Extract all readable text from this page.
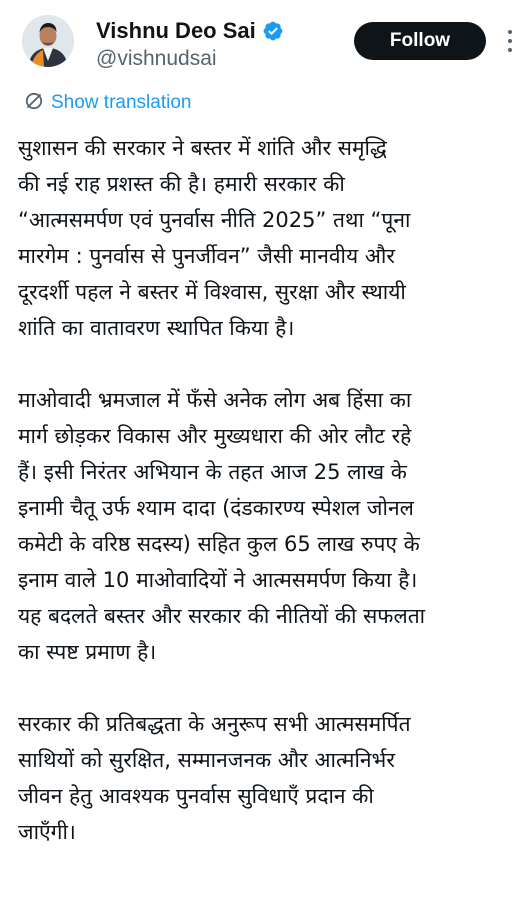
Vishnu Deo Sai
@vishnudsai
Follow
Show translation

सुशासन की सरकार ने बस्तर में शांति और समृद्धि
की नई राह प्रशस्त की है। हमारी सरकार की
“आत्मसमर्पण एवं पुनर्वास नीति 2025” तथा “पूना
मारगेम : पुनर्वास से पुनर्जीवन” जैसी मानवीय और
दूरदर्शी पहल ने बस्तर में विश्वास, सुरक्षा और स्थायी
शांति का वातावरण स्थापित किया है।

माओवादी भ्रमजाल में फँसे अनेक लोग अब हिंसा का
मार्ग छोड़कर विकास और मुख्यधारा की ओर लौट रहे
हैं। इसी निरंतर अभियान के तहत आज 25 लाख के
इनामी चैतू उर्फ श्याम दादा (दंडकारण्य स्पेशल जोनल
कमेटी के वरिष्ठ सदस्य) सहित कुल 65 लाख रुपए के
इनाम वाले 10 माओवादियों ने आत्मसमर्पण किया है।
यह बदलते बस्तर और सरकार की नीतियों की सफलता
का स्पष्ट प्रमाण है।

सरकार की प्रतिबद्धता के अनुरूप सभी आत्मसमर्पित
साथियों को सुरक्षित, सम्मानजनक और आत्मनिर्भर
जीवन हेतु आवश्यक पुनर्वास सुविधाएँ प्रदान की
जाएँगी।
